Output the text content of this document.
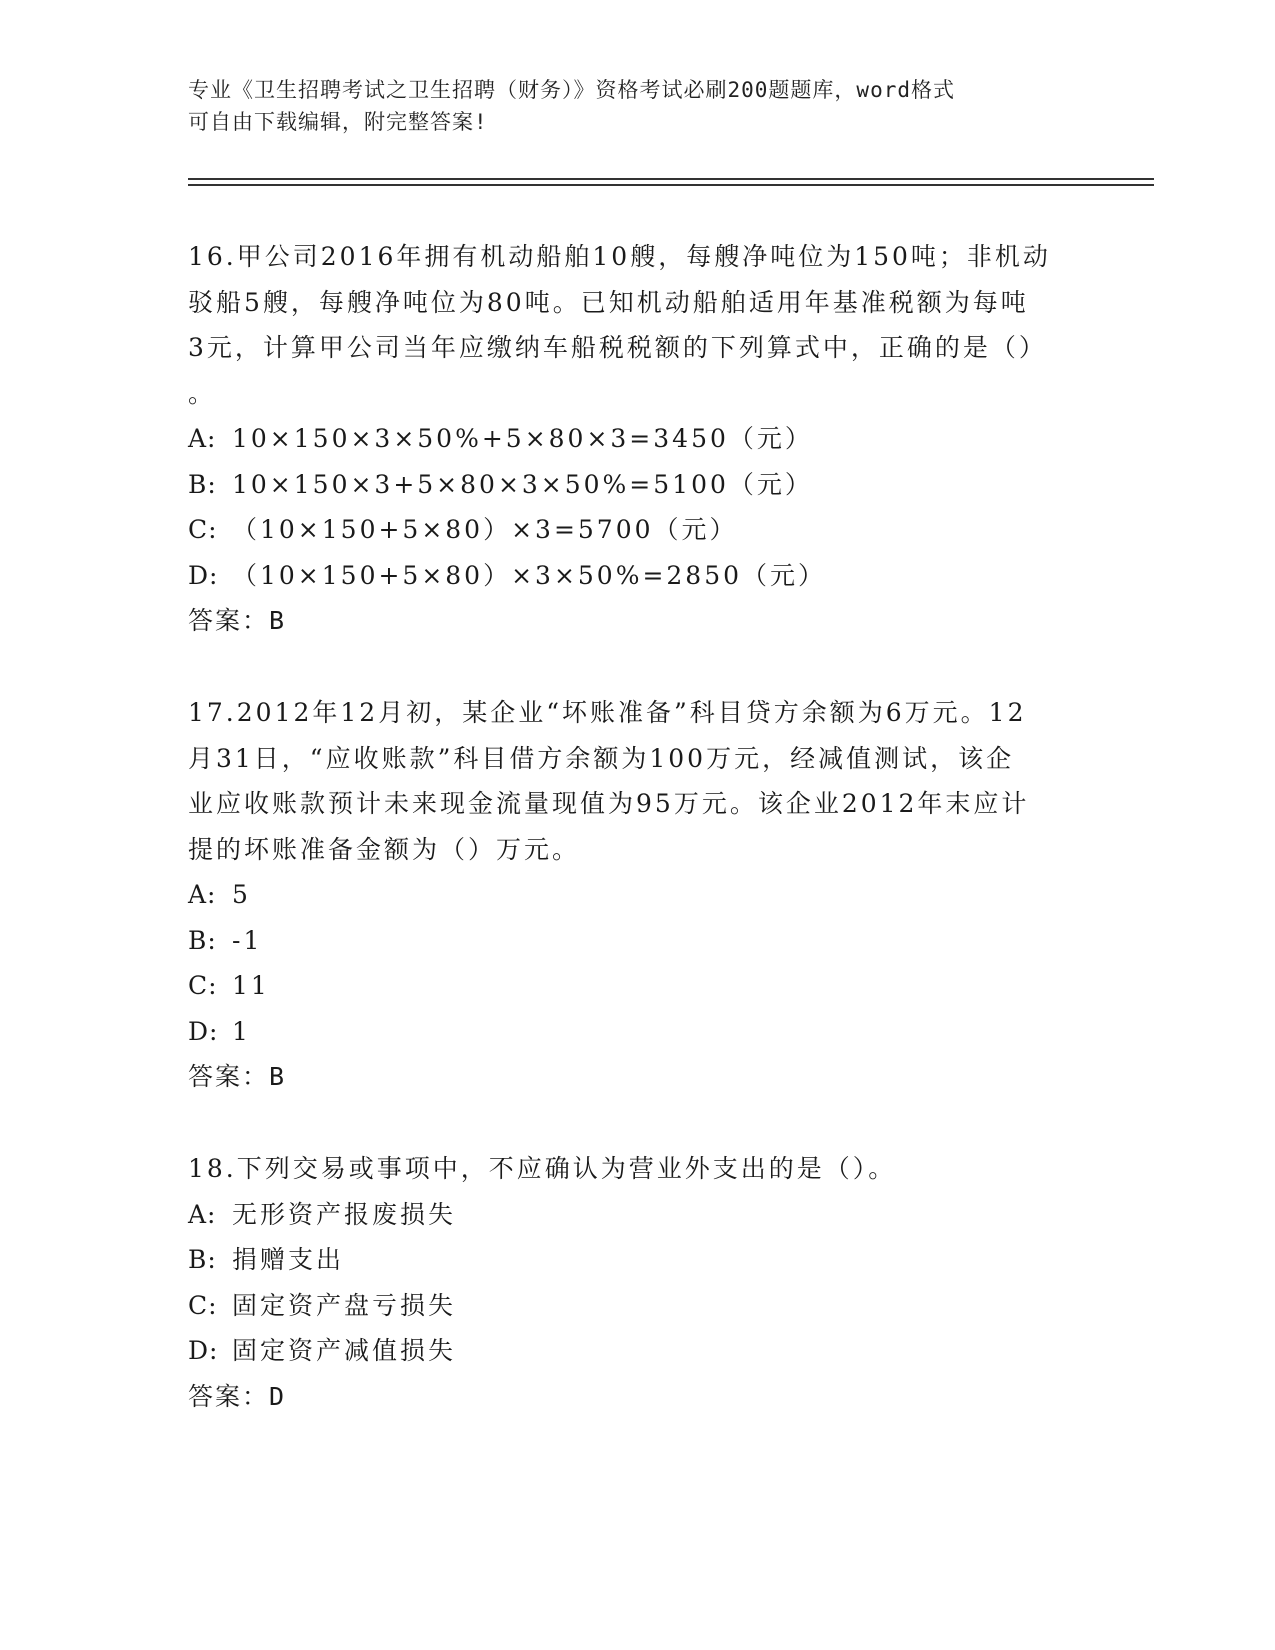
专业《卫生招聘考试之卫生招聘（财务）》资格考试必刷200题题库，word格式
可自由下载编辑，附完整答案!
16.甲公司2016年拥有机动船舶10艘，每艘净吨位为150吨；非机动
驳船5艘，每艘净吨位为80吨。已知机动船舶适用年基准税额为每吨
3元，计算甲公司当年应缴纳车船税税额的下列算式中，正确的是（）
。
A: 10×150×3×50%+5×80×3=3450（元）
B: 10×150×3+5×80×3×50%=5100（元）
C: （10×150+5×80）×3=5700（元）
D: （10×150+5×80）×3×50%=2850（元）
答案：B
17.2012年12月初，某企业“坏账准备”科目贷方余额为6万元。12
月31日，“应收账款”科目借方余额为100万元，经减值测试，该企
业应收账款预计未来现金流量现值为95万元。该企业2012年末应计
提的坏账准备金额为（）万元。
A: 5
B: -1
C: 11
D: 1
答案：B
18.下列交易或事项中，不应确认为营业外支出的是（）。
A: 无形资产报废损失
B: 捐赠支出
C: 固定资产盘亏损失
D: 固定资产减值损失
答案：D
